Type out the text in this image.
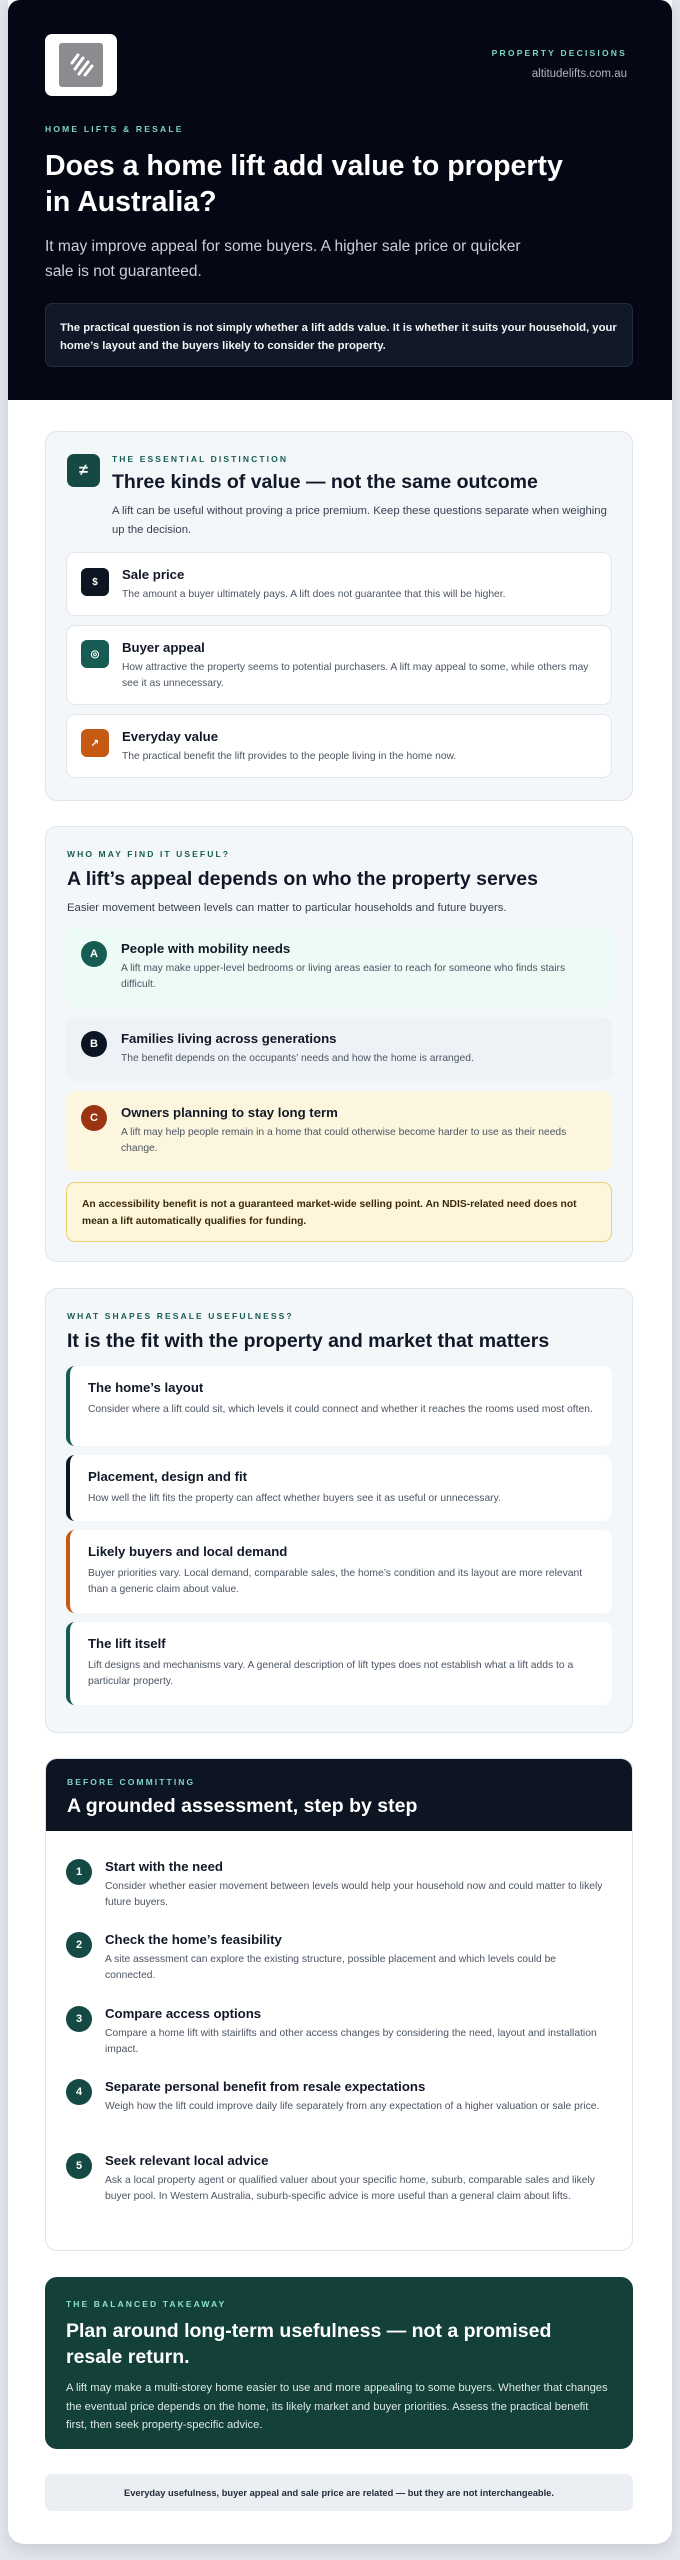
PROPERTY DECISIONS
altitudelifts.com.au
HOME LIFTS & RESALE
Does a home lift add value to property in Australia?

It may improve appeal for some buyers. A higher sale price or quicker sale is not guaranteed.

The practical question is not simply whether a lift adds value. It is whether it suits your household, your home’s layout and the buyers likely to consider the property.
≠
THE ESSENTIAL DISTINCTION
Three kinds of value — not the same outcome

A lift can be useful without proving a price premium. Keep these questions separate when weighing up the decision.

$	Sale price
The amount a buyer ultimately pays. A lift does not guarantee that this will be higher.
◎	Buyer appeal
How attractive the property seems to potential purchasers. A lift may appeal to some, while others may see it as unnecessary.
↗	Everyday value
The practical benefit the lift provides to the people living in the home now.
WHO MAY FIND IT USEFUL?
A lift’s appeal depends on who the property serves

Easier movement between levels can matter to particular households and future buyers.

A	People with mobility needs
A lift may make upper-level bedrooms or living areas easier to reach for someone who finds stairs difficult.
B	Families living across generations
The benefit depends on the occupants’ needs and how the home is arranged.
C	Owners planning to stay long term
A lift may help people remain in a home that could otherwise become harder to use as their needs change.
An accessibility benefit is not a guaranteed market-wide selling point. An NDIS-related need does not mean a lift automatically qualifies for funding.
WHAT SHAPES RESALE USEFULNESS?
It is the fit with the property and market that matters
The home’s layout
Consider where a lift could sit, which levels it could connect and whether it reaches the rooms used most often.
Placement, design and fit
How well the lift fits the property can affect whether buyers see it as useful or unnecessary.
Likely buyers and local demand
Buyer priorities vary. Local demand, comparable sales, the home’s condition and its layout are more relevant than a generic claim about value.
The lift itself
Lift designs and mechanisms vary. A general description of lift types does not establish what a lift adds to a particular property.
BEFORE COMMITTING
A grounded assessment, step by step
1	Start with the need
Consider whether easier movement between levels would help your household now and could matter to likely future buyers.
2	Check the home’s feasibility
A site assessment can explore the existing structure, possible placement and which levels could be connected.
3	Compare access options
Compare a home lift with stairlifts and other access changes by considering the need, layout and installation impact.
4	Separate personal benefit from resale expectations
Weigh how the lift could improve daily life separately from any expectation of a higher valuation or sale price.
5	Seek relevant local advice
Ask a local property agent or qualified valuer about your specific home, suburb, comparable sales and likely buyer pool. In Western Australia, suburb-specific advice is more useful than a general claim about lifts.
THE BALANCED TAKEAWAY
Plan around long-term usefulness — not a promised resale return.

A lift may make a multi-storey home easier to use and more appealing to some buyers. Whether that changes the eventual price depends on the home, its likely market and buyer priorities. Assess the practical benefit first, then seek property-specific advice.

Everyday usefulness, buyer appeal and sale price are related — but they are not interchangeable.
